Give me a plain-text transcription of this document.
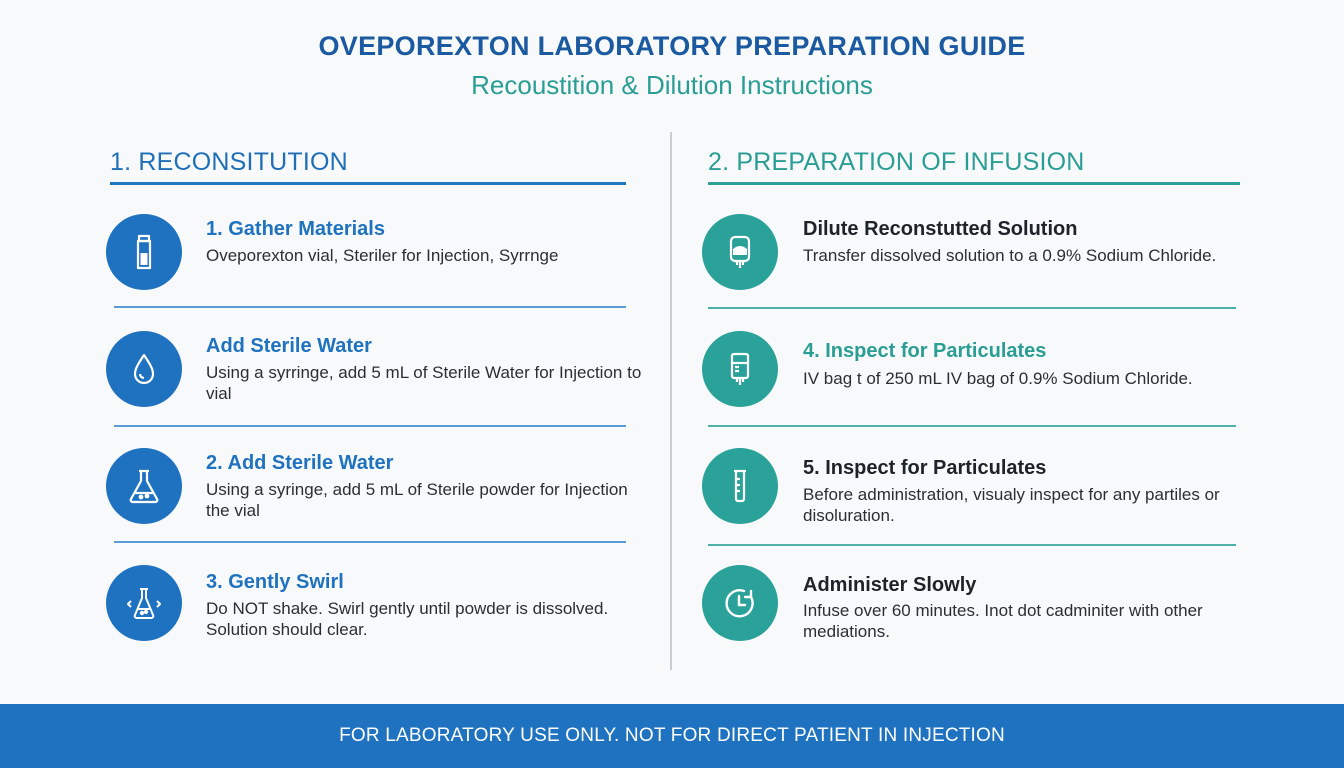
OVEPOREXTON LABORATORY PREPARATION GUIDE
Recoustition & Dilution Instructions
1. RECONSITUTION
1. Gather Materials
Oveporexton vial, Steriler for Injection, Syrrnge
Add Sterile Water
Using a syrringe, add 5 mL of Sterile Water for Injection to vial
2. Add Sterile Water
Using a syringe, add 5 mL of Sterile powder for Injection the vial
3. Gently Swirl
Do NOT shake. Swirl gently until powder is dissolved. Solution should clear.
2. PREPARATION OF INFUSION
Dilute Reconstutted Solution
Transfer dissolved solution to a 0.9% Sodium Chloride.
4. Inspect for Particulates
IV bag t of 250 mL IV bag of 0.9% Sodium Chloride.
5. Inspect for Particulates
Before administration, visualy inspect for any partiles or disoluration.
Administer Slowly
Infuse over 60 minutes. Inot dot cadminiter with other mediations.
FOR LABORATORY USE ONLY. NOT FOR DIRECT PATIENT IN INJECTION
